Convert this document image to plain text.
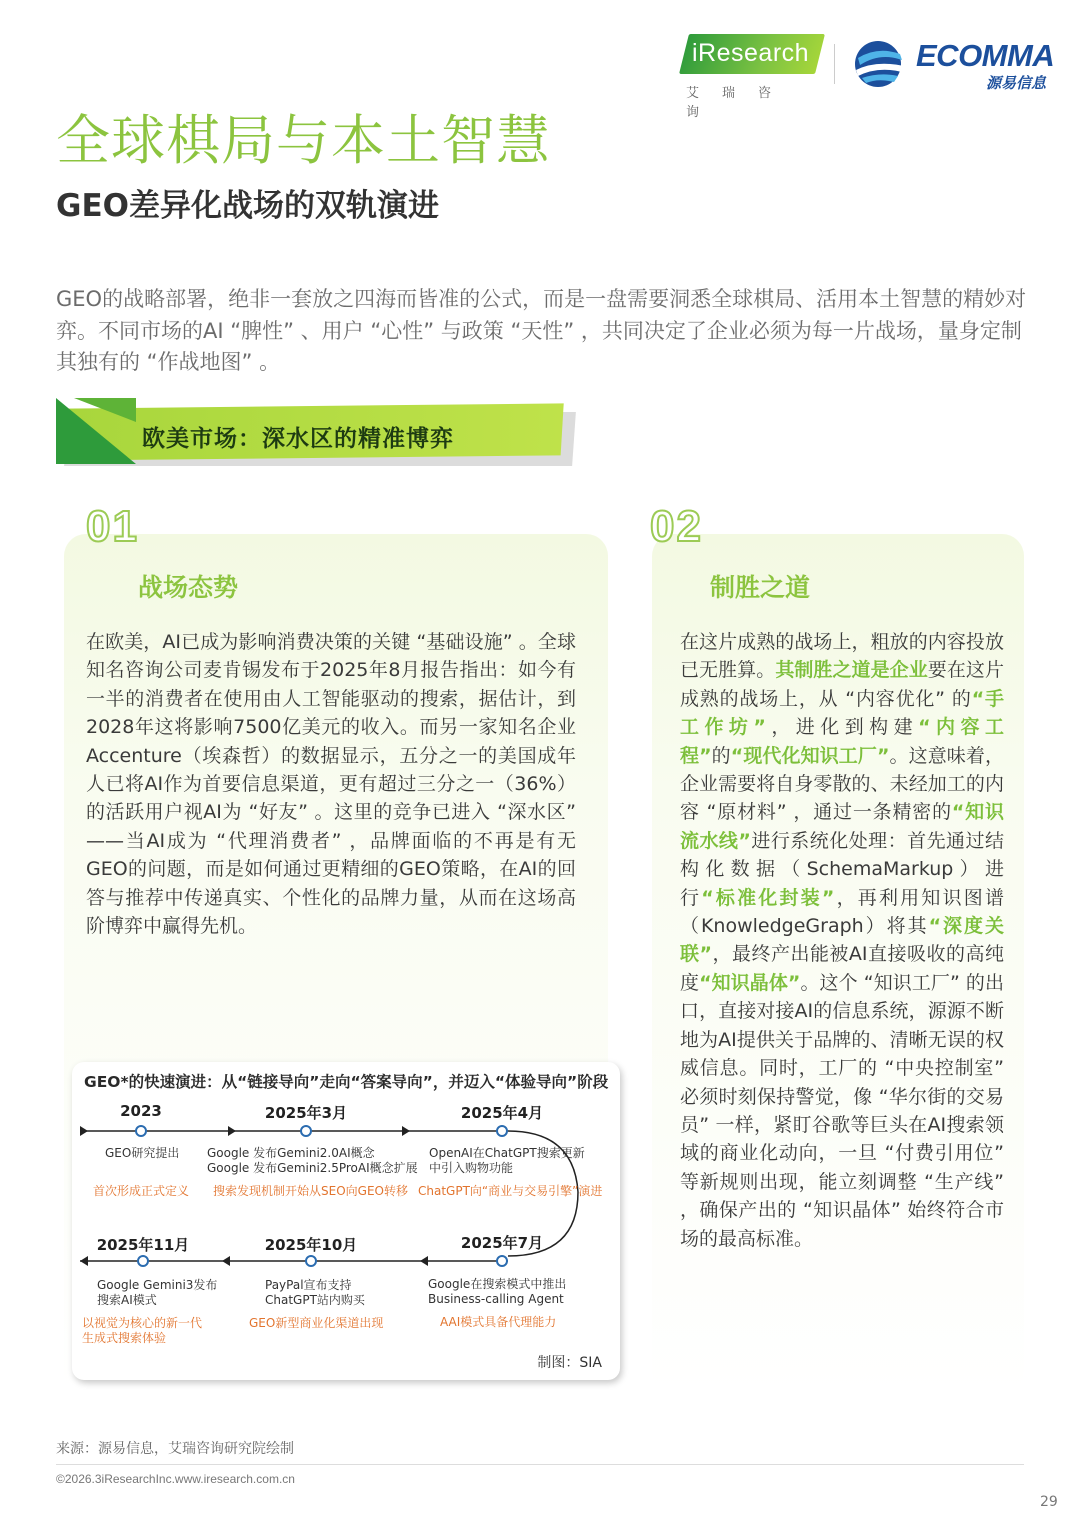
iResearch
艾瑞咨询
ECOMMA
源易信息
全球棋局与本土智慧
GEO差异化战场的双轨演进

GEO的战略部署，绝非一套放之四海而皆准的公式，而是一盘需要洞悉全球棋局、活用本土智慧的精妙对弈。不同市场的AI “脾性” 、用户 “心性” 与政策 “天性” ，共同决定了企业必须为每一片战场，量身定制其独有的 “作战地图” 。

欧美市场：深水区的精准博弈
01	02
战场态势	制胜之道

在欧美，AI已成为影响消费决策的关键 “基础设施” 。全球知名咨询公司麦肯锡发布于2025年8月报告指出：如今有一半的消费者在使用由人工智能驱动的搜索，据估计，到2028年这将影响7500亿美元的收入。而另一家知名企业Accenture（埃森哲）的数据显示，五分之一的美国成年人已将AI作为首要信息渠道，更有超过三分之一（36%）的活跃用户视AI为 “好友” 。这里的竞争已进入 “深水区” ——当AI成为 “代理消费者” ，品牌面临的不再是有无GEO的问题，而是如何通过更精细的GEO策略，在AI的回答与推荐中传递真实、个性化的品牌力量，从而在这场高阶博弈中赢得先机。

在这片成熟的战场上，粗放的内容投放已无胜算。其制胜之道是企业要在这片成熟的战场上，从 “内容优化” 的“手工作坊”，进化到构建“内容工程”的“现代化知识工厂”。这意味着，企业需要将自身零散的、未经加工的内容 “原材料” ，通过一条精密的“知识流水线”进行系统化处理：首先通过结构化数据（SchemaMarkup）进行“标准化封装”，再利用知识图谱（KnowledgeGraph）将其“深度关联”，最终产出能被AI直接吸收的高纯度“知识晶体”。这个 “知识工厂” 的出口，直接对接AI的信息系统，源源不断地为AI提供关于品牌的、清晰无误的权威信息。同时，工厂的 “中央控制室” 必须时刻保持警觉，像 “华尔街的交易员” 一样，紧盯谷歌等巨头在AI搜索领域的商业化动向，一旦 “付费引用位” 等新规则出现，能立刻调整 “生产线” ，确保产出的 “知识晶体” 始终符合市场的最高标准。

GEO*的快速演进：从“链接导向”走向“答案导向”，并迈入“体验导向”阶段
2023
GEO研究提出
首次形成正式定义
2025年3月
Google 发布Gemini2.0AI概念
Google 发布Gemini2.5ProAI概念扩展
搜索发现机制开始从SEO向GEO转移
2025年4月
OpenAI在ChatGPT搜索更新
中引入购物功能
ChatGPT向“商业与交易引擎”演进
2025年11月
Google Gemini3发布
搜索AI模式
以视觉为核心的新一代
生成式搜索体验
2025年10月
PayPal宣布支持
ChatGPT站内购买
GEO新型商业化渠道出现
2025年7月
Google在搜索模式中推出
Business-calling Agent
AAI模式具备代理能力
制图：SIA
来源：源易信息，艾瑞咨询研究院绘制
©2026.3iResearchInc.www.iresearch.com.cn
29
